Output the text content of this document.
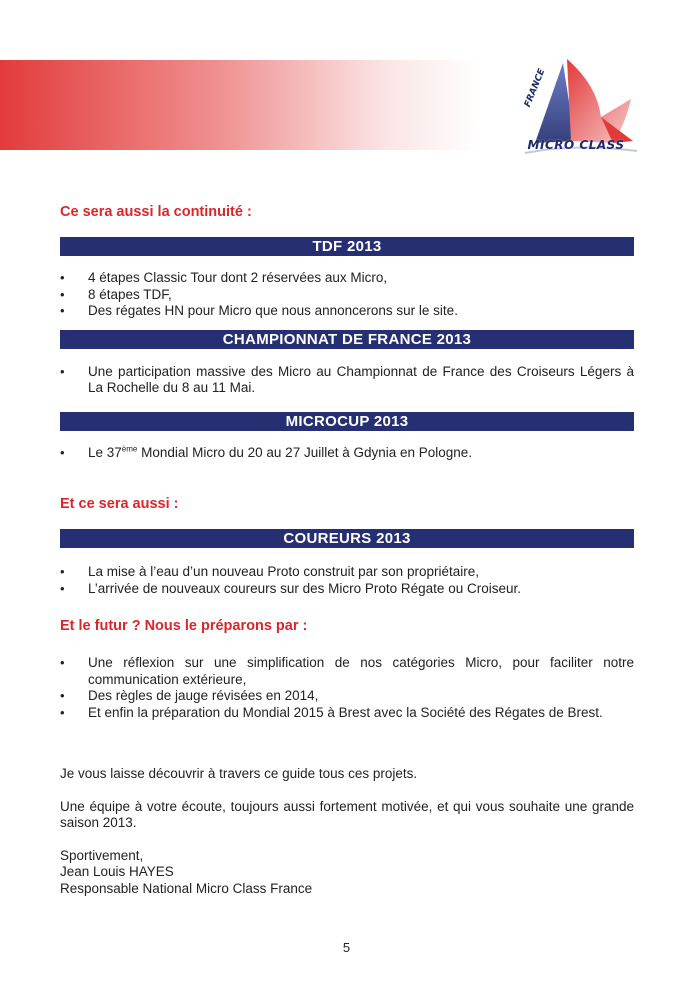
FRANCE
MICRO CLASS

Ce sera aussi la continuité :

TDF 2013
• 4 étapes Classic Tour dont 2 réservées aux Micro,
• 8 étapes TDF,
• Des régates HN pour Micro que nous annoncerons sur le site.
CHAMPIONNAT DE FRANCE 2013
• Une participation massive des Micro au Championnat de France des Croiseurs Légers à La Rochelle du 8 au 11 Mai.
MICROCUP 2013
• Le 37ème Mondial Micro du 20 au 27 Juillet à Gdynia en Pologne.

Et ce sera aussi :

COUREURS 2013
• La mise à l’eau d’un nouveau Proto construit par son propriétaire,
• L’arrivée de nouveaux coureurs sur des Micro Proto Régate ou Croiseur.

Et le futur ? Nous le préparons par :

• Une réflexion sur une simplification de nos catégories Micro, pour faciliter notre communication extérieure,
• Des règles de jauge révisées en 2014,
• Et enfin la préparation du Mondial 2015 à Brest avec la Société des Régates de Brest.

Je vous laisse découvrir à travers ce guide tous ces projets.

Une équipe à votre écoute, toujours aussi fortement motivée, et qui vous souhaite une grande saison 2013.

Sportivement,

Jean Louis HAYES

Responsable National Micro Class France

5
